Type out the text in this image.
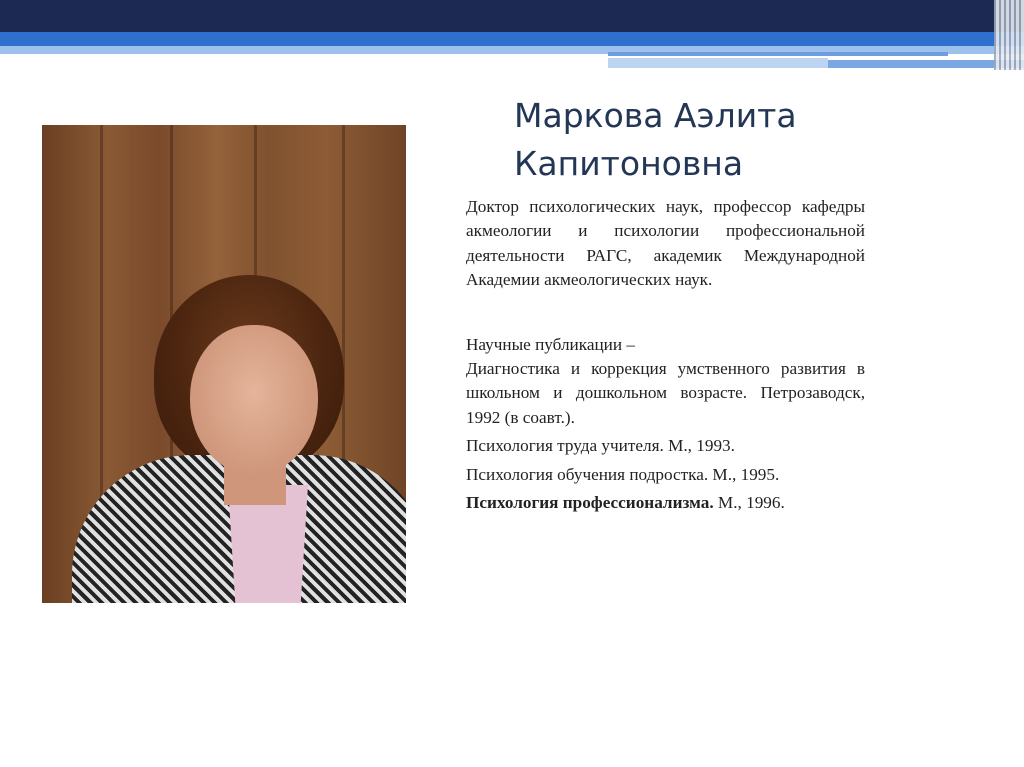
Маркова Аэлита
Капитоновна

Доктор психологических наук, профессор кафедры акмеологии и психологии профессиональной деятельности РАГС, академик Международной Академии акмеологических наук.

Научные публикации –

Диагностика и коррекция умственного развития в школьном и дошкольном возрасте. Петрозаводск, 1992 (в соавт.).

Психология труда учителя. М., 1993.

Психология обучения подростка. М., 1995.

Психология профессионализма. М., 1996.
